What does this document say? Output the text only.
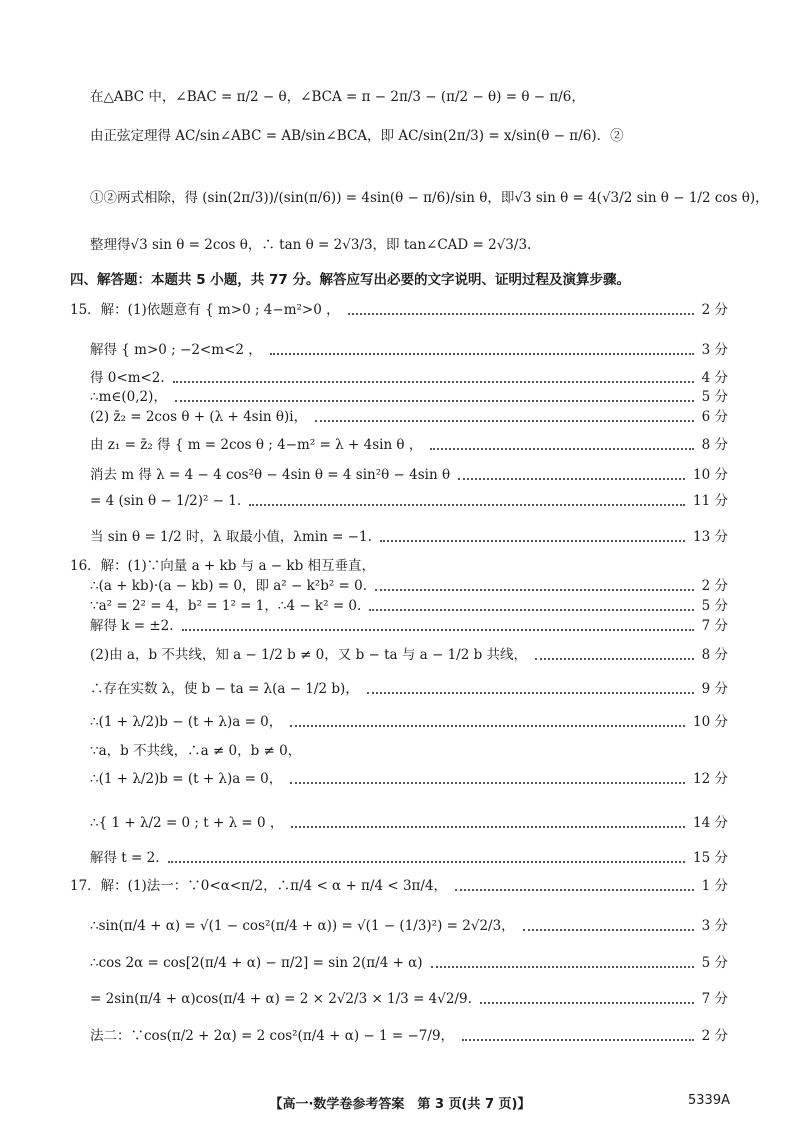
在△ABC 中，∠BAC = π/2 − θ，∠BCA = π − 2π/3 − (π/2 − θ) = θ − π/6，
由正弦定理得 AC/sin∠ABC = AB/sin∠BCA，即 AC/sin(2π/3) = x/sin(θ − π/6)．②
①②两式相除，得 (sin(2π/3))/(sin(π/6)) = 4sin(θ − π/6)/sin θ，即√3 sin θ = 4(√3/2 sin θ − 1/2 cos θ)，
整理得√3 sin θ = 2cos θ，∴ tan θ = 2√3/3，即 tan∠CAD = 2√3/3.
四、解答题：本题共 5 小题，共 77 分。解答应写出必要的文字说明、证明过程及演算步骤。
15．解：(1)依题意有 { m>0 ; 4−m²>0 ，	2 分
解得 { m>0 ; −2<m<2 ，	3 分
得 0<m<2.	4 分
∴m∈(0,2)，	5 分
(2) z̄₂ = 2cos θ + (λ + 4sin θ)i，	6 分
由 z₁ = z̄₂ 得 { m = 2cos θ ; 4−m² = λ + 4sin θ ，	8 分
消去 m 得 λ = 4 − 4 cos²θ − 4sin θ = 4 sin²θ − 4sin θ	10 分
= 4 (sin θ − 1/2)² − 1.	11 分
当 sin θ = 1/2 时，λ 取最小值，λmin = −1.	13 分
16．解：(1)∵向量 a + kb 与 a − kb 相互垂直，
∴(a + kb)·(a − kb) = 0，即 a² − k²b² = 0.	2 分
∵a² = 2² = 4，b² = 1² = 1，∴4 − k² = 0.	5 分
解得 k = ±2.	7 分
(2)由 a，b 不共线，知 a − 1/2 b ≠ 0，又 b − ta 与 a − 1/2 b 共线，	8 分
∴存在实数 λ，使 b − ta = λ(a − 1/2 b)，	9 分
∴(1 + λ/2)b − (t + λ)a = 0，	10 分
∵a，b 不共线，∴a ≠ 0，b ≠ 0，
∴(1 + λ/2)b = (t + λ)a = 0，	12 分
∴{ 1 + λ/2 = 0 ; t + λ = 0 ，	14 分
解得 t = 2.	15 分
17．解：(1)法一：∵0<α<π/2，∴π/4 < α + π/4 < 3π/4，	1 分
∴sin(π/4 + α) = √(1 − cos²(π/4 + α)) = √(1 − (1/3)²) = 2√2/3，	3 分
∴cos 2α = cos[2(π/4 + α) − π/2] = sin 2(π/4 + α)	5 分
= 2sin(π/4 + α)cos(π/4 + α) = 2 × 2√2/3 × 1/3 = 4√2/9.	7 分
法二：∵cos(π/2 + 2α) = 2 cos²(π/4 + α) − 1 = −7/9，	2 分
【高一·数学卷参考答案　第 3 页(共 7 页)】	5339A
